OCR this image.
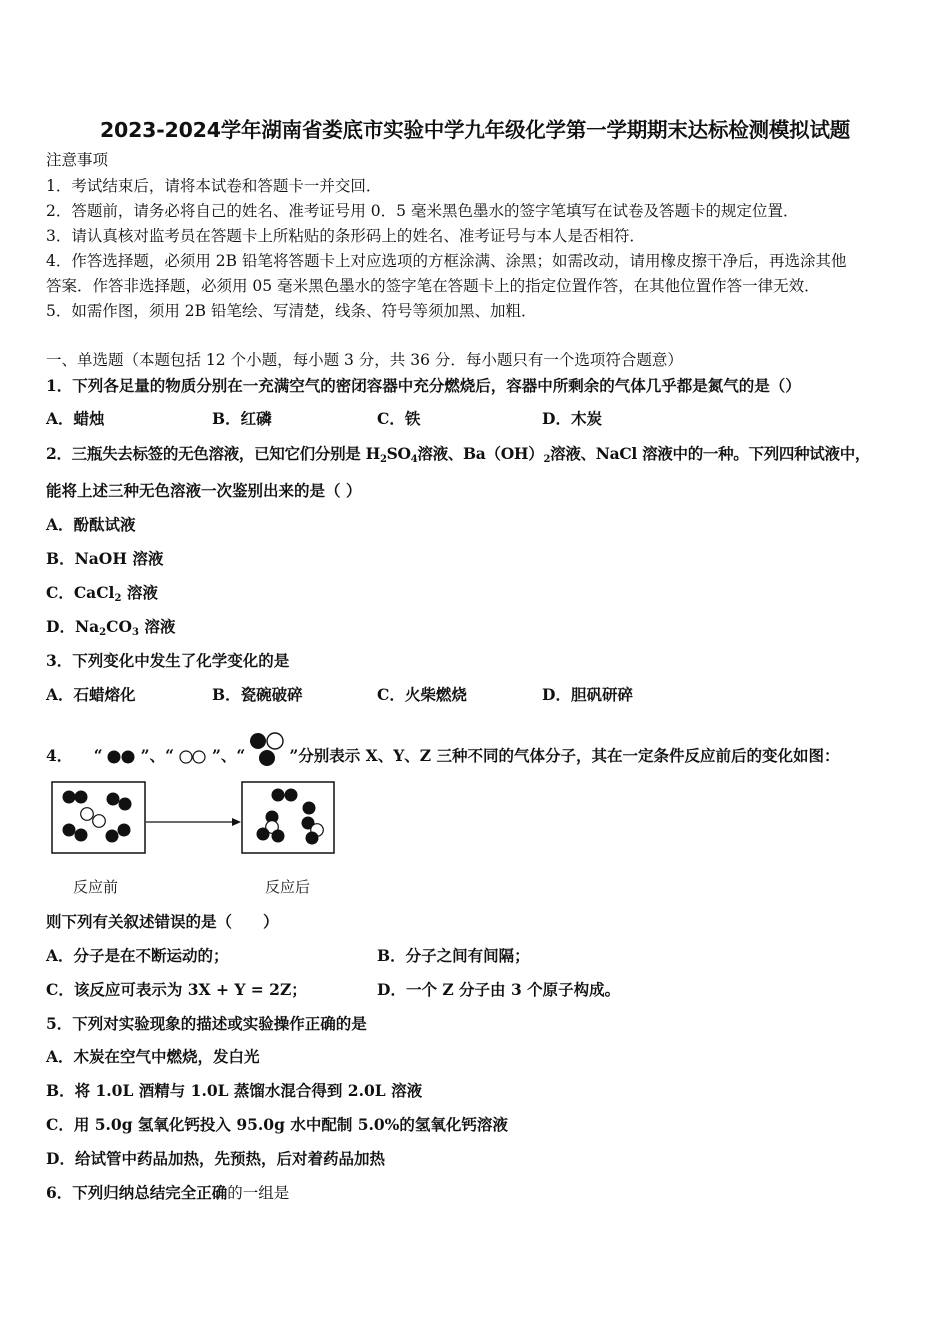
2023-2024学年湖南省娄底市实验中学九年级化学第一学期期末达标检测模拟试题
注意事项
1．考试结束后，请将本试卷和答题卡一并交回．
2．答题前，请务必将自己的姓名、准考证号用 0．5 毫米黑色墨水的签字笔填写在试卷及答题卡的规定位置．
3．请认真核对监考员在答题卡上所粘贴的条形码上的姓名、准考证号与本人是否相符．
4．作答选择题，必须用 2B 铅笔将答题卡上对应选项的方框涂满、涂黑；如需改动，请用橡皮擦干净后，再选涂其他
答案．作答非选择题，必须用 05 毫米黑色墨水的签字笔在答题卡上的指定位置作答，在其他位置作答一律无效．
5．如需作图，须用 2B 铅笔绘、写清楚，线条、符号等须加黑、加粗．
一、单选题（本题包括 12 个小题，每小题 3 分，共 36 分．每小题只有一个选项符合题意）
1．下列各足量的物质分别在一充满空气的密闭容器中充分燃烧后，容器中所剩余的气体几乎都是氮气的是（）
A．蜡烛	B．红磷	C．铁	D．木炭
2．三瓶失去标签的无色溶液，已知它们分别是 $H_2SO_4$溶液、$Ba(OH)_2$溶液、NaCl 溶液中的一种。下列四种试液中，
能将上述三种无色溶液一次鉴别出来的是（ ）
A．酚酞试液
B．NaOH 溶液
C．CaCl$_2$ 溶液
D．$Na_2CO_3$ 溶液
3．下列变化中发生了化学变化的是
A．石蜡熔化	B．瓷碗破碎	C．火柴燃烧	D．胆矾研碎
4． “ ”、“ ”、“	”分别表示 X、Y、Z 三种不同的气体分子，其在一定条件反应前后的变化如图：
反应前	反应后
则下列有关叙述错误的是（　　）
A．分子是在不断运动的；	B．分子之间有间隔；
C．该反应可表示为 3X + Y = 2Z；	D．一个 Z 分子由 3 个原子构成。
5．下列对实验现象的描述或实验操作正确的是
A．木炭在空气中燃烧，发白光
B．将 1.0L 酒精与 1.0L 蒸馏水混合得到 2.0L 溶液
C．用 5.0g 氢氧化钙投入 95.0g 水中配制 5.0%的氢氧化钙溶液
D．给试管中药品加热，先预热，后对着药品加热
6．下列归纳总结完全正确的一组是
